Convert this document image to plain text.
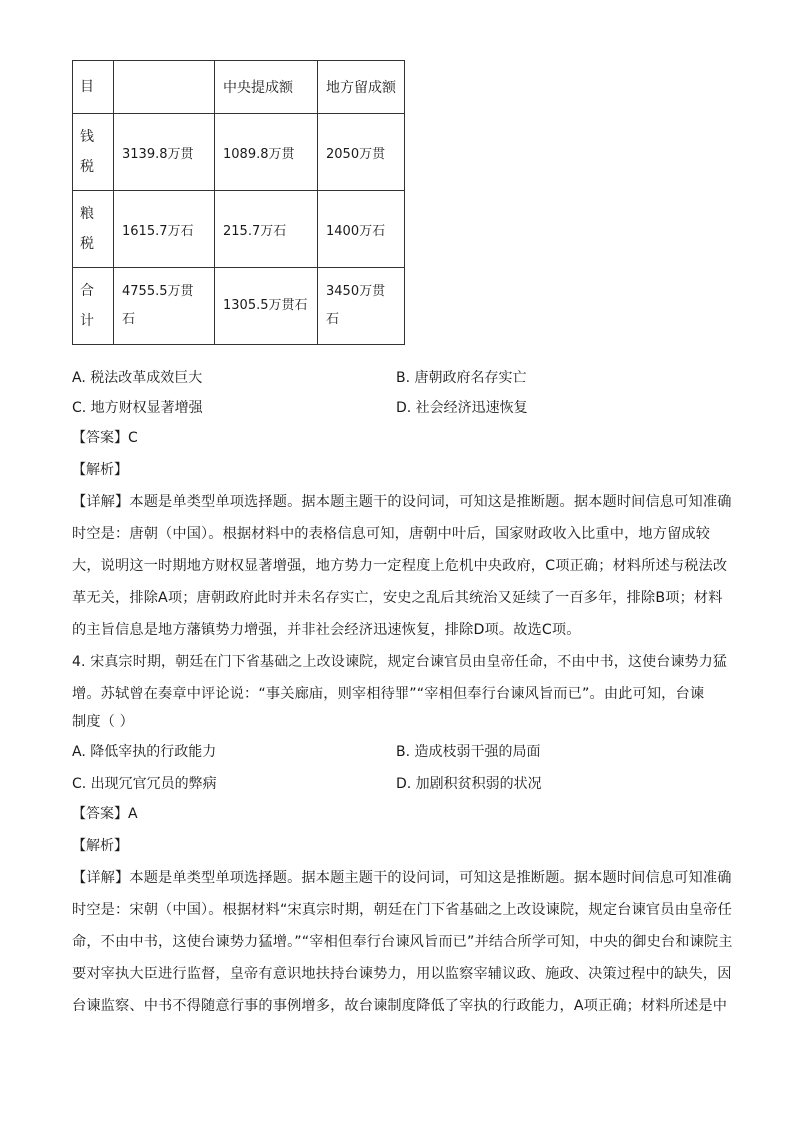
目		中央提成额	地方留成额
钱税	3139.8万贯	1089.8万贯	2050万贯
粮税	1615.7万石	215.7万石	1400万石
合计	4755.5万贯石	1305.5万贯石	3450万贯石
A. 税法改革成效巨大	B. 唐朝政府名存实亡
C. 地方财权显著增强	D. 社会经济迅速恢复
【答案】C
【解析】
【详解】本题是单类型单项选择题。据本题主题干的设问词，可知这是推断题。据本题时间信息可知准确
时空是：唐朝（中国）。根据材料中的表格信息可知，唐朝中叶后，国家财政收入比重中，地方留成较
大，说明这一时期地方财权显著增强，地方势力一定程度上危机中央政府，C项正确；材料所述与税法改
革无关，排除A项；唐朝政府此时并未名存实亡，安史之乱后其统治又延续了一百多年，排除B项；材料
的主旨信息是地方藩镇势力增强，并非社会经济迅速恢复，排除D项。故选C项。
4. 宋真宗时期，朝廷在门下省基础之上改设谏院，规定台谏官员由皇帝任命，不由中书，这使台谏势力猛
增。苏轼曾在奏章中评论说：“事关廊庙，则宰相待罪”“宰相但奉行台谏风旨而已”。由此可知，台谏
制度（ ）
A. 降低宰执的行政能力	B. 造成枝弱干强的局面
C. 出现冗官冗员的弊病	D. 加剧积贫积弱的状况
【答案】A
【解析】
【详解】本题是单类型单项选择题。据本题主题干的设问词，可知这是推断题。据本题时间信息可知准确
时空是：宋朝（中国）。根据材料“宋真宗时期，朝廷在门下省基础之上改设谏院，规定台谏官员由皇帝任
命，不由中书，这使台谏势力猛增。”“宰相但奉行台谏风旨而已”并结合所学可知，中央的御史台和谏院主
要对宰执大臣进行监督，皇帝有意识地扶持台谏势力，用以监察宰辅议政、施政、决策过程中的缺失，因
台谏监察、中书不得随意行事的事例增多，故台谏制度降低了宰执的行政能力，A项正确；材料所述是中
